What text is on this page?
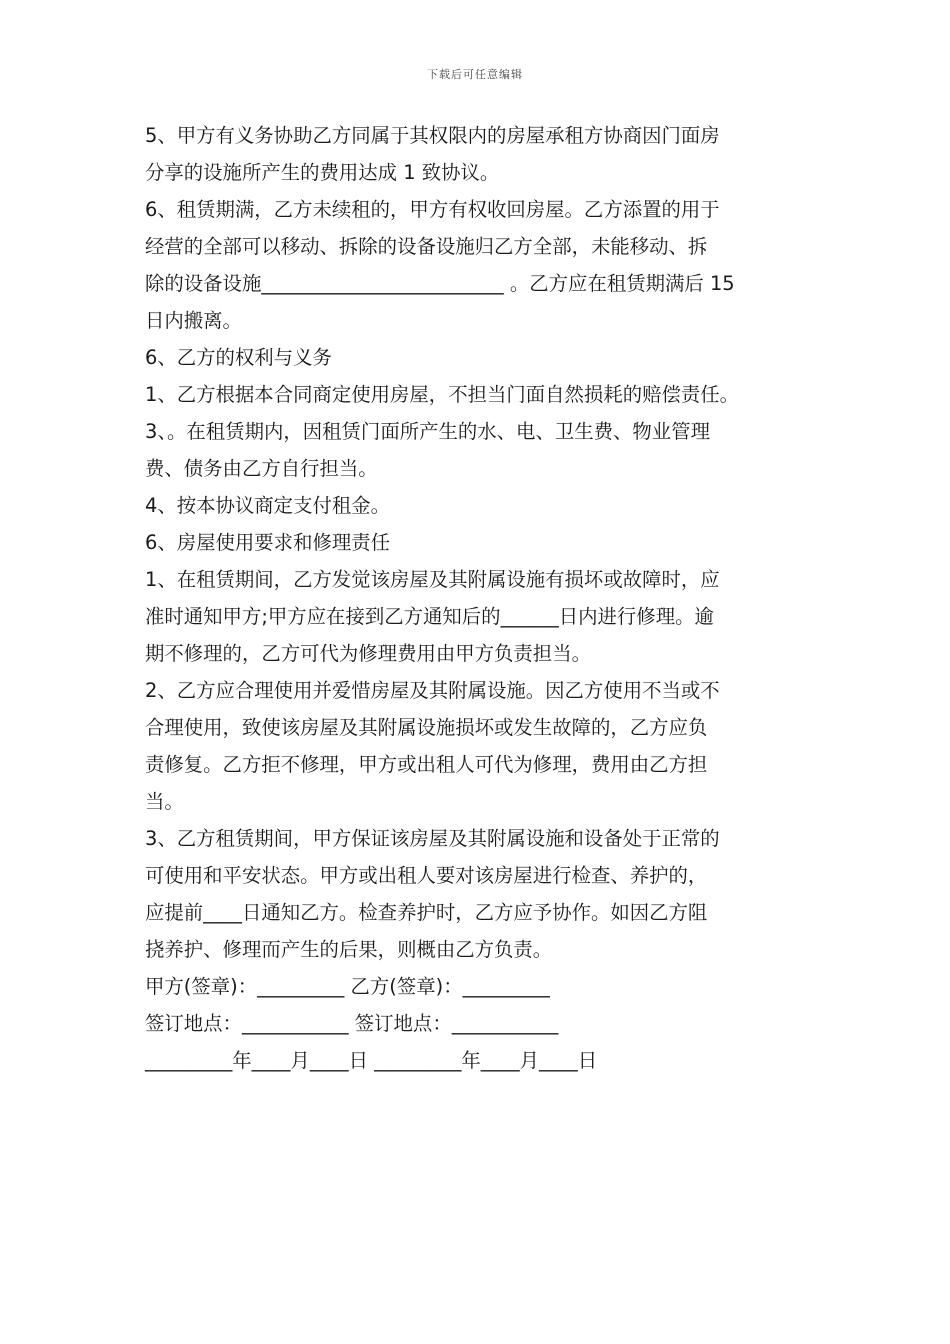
下载后可任意编辑
5、甲方有义务协助乙方同属于其权限内的房屋承租方协商因门面房
分享的设施所产生的费用达成 1 致协议。
6、租赁期满，乙方未续租的，甲方有权收回房屋。乙方添置的用于
经营的全部可以移动、拆除的设备设施归乙方全部，未能移动、拆
除的设备设施_________________________ 。乙方应在租赁期满后 15
日内搬离。
6、乙方的权利与义务
1、乙方根据本合同商定使用房屋，不担当门面自然损耗的赔偿责任。
3、。在租赁期内，因租赁门面所产生的水、电、卫生费、物业管理
费、债务由乙方自行担当。
4、按本协议商定支付租金。
6、房屋使用要求和修理责任
1、在租赁期间，乙方发觉该房屋及其附属设施有损坏或故障时，应
准时通知甲方;甲方应在接到乙方通知后的______日内进行修理。逾
期不修理的，乙方可代为修理费用由甲方负责担当。
2、乙方应合理使用并爱惜房屋及其附属设施。因乙方使用不当或不
合理使用，致使该房屋及其附属设施损坏或发生故障的，乙方应负
责修复。乙方拒不修理，甲方或出租人可代为修理，费用由乙方担
当。
3、乙方租赁期间，甲方保证该房屋及其附属设施和设备处于正常的
可使用和平安状态。甲方或出租人要对该房屋进行检查、养护的，
应提前____日通知乙方。检查养护时，乙方应予协作。如因乙方阻
挠养护、修理而产生的后果，则概由乙方负责。
甲方(签章)：_________ 乙方(签章)：_________
签订地点：___________ 签订地点：___________
_________年____月____日 _________年____月____日
